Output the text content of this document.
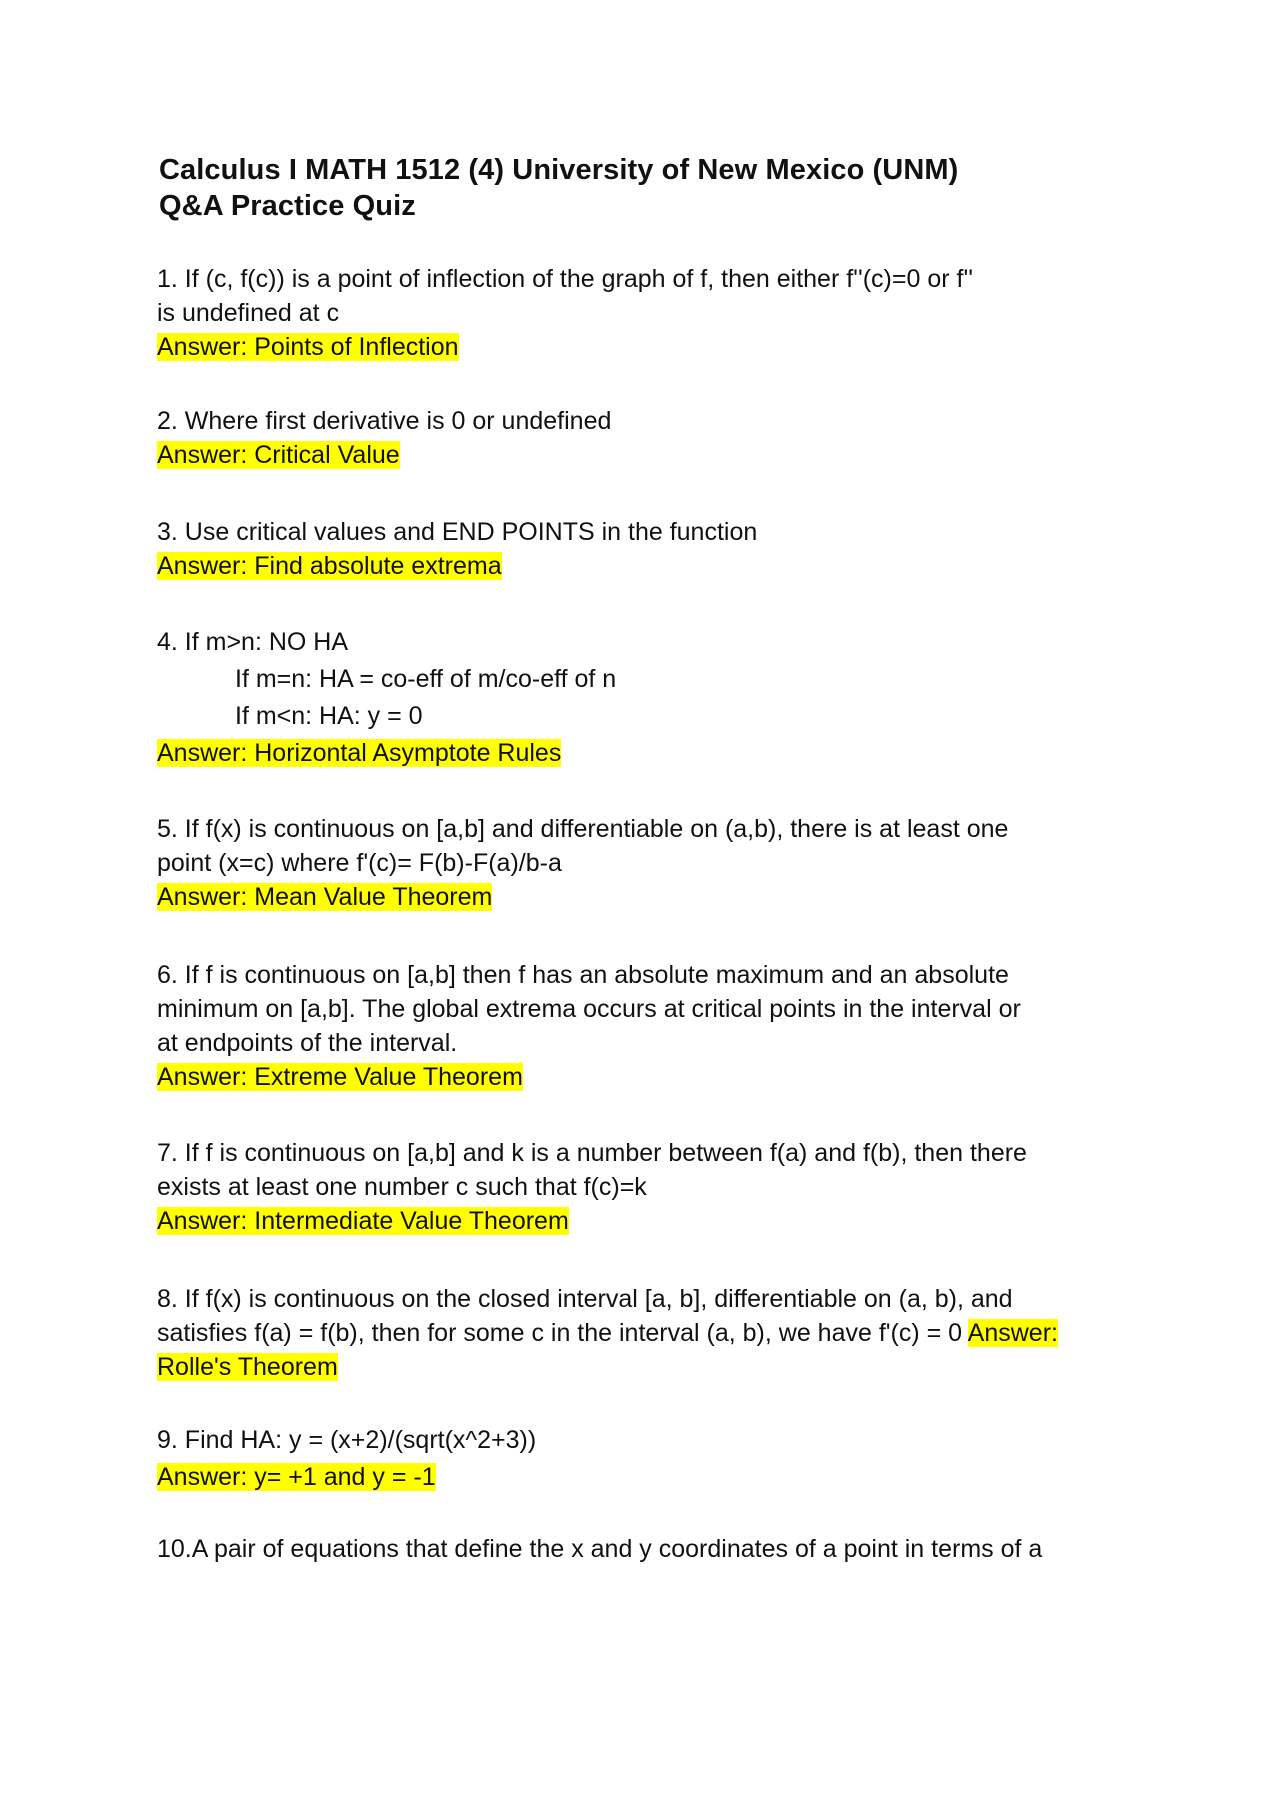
Calculus I MATH 1512 (4) University of New Mexico (UNM)
Q&A Practice Quiz
1. If (c, f(c)) is a point of inflection of the graph of f, then either f''(c)=0 or f''
is undefined at c
Answer: Points of Inflection
2. Where first derivative is 0 or undefined
Answer: Critical Value
3. Use critical values and END POINTS in the function
Answer: Find absolute extrema
4. If m>n: NO HA
If m=n: HA = co-eff of m/co-eff of n
If m<n: HA: y = 0
Answer: Horizontal Asymptote Rules
5. If f(x) is continuous on [a,b] and differentiable on (a,b), there is at least one
point (x=c) where f'(c)= F(b)-F(a)/b-a
Answer: Mean Value Theorem
6. If f is continuous on [a,b] then f has an absolute maximum and an absolute
minimum on [a,b]. The global extrema occurs at critical points in the interval or
at endpoints of the interval.
Answer: Extreme Value Theorem
7. If f is continuous on [a,b] and k is a number between f(a) and f(b), then there
exists at least one number c such that f(c)=k
Answer: Intermediate Value Theorem
8. If f(x) is continuous on the closed interval [a, b], differentiable on (a, b), and
satisfies f(a) = f(b), then for some c in the interval (a, b), we have f'(c) = 0 Answer:
Rolle's Theorem
9. Find HA: y = (x+2)/(sqrt(x^2+3))
Answer: y= +1 and y = -1
10.A pair of equations that define the x and y coordinates of a point in terms of a
